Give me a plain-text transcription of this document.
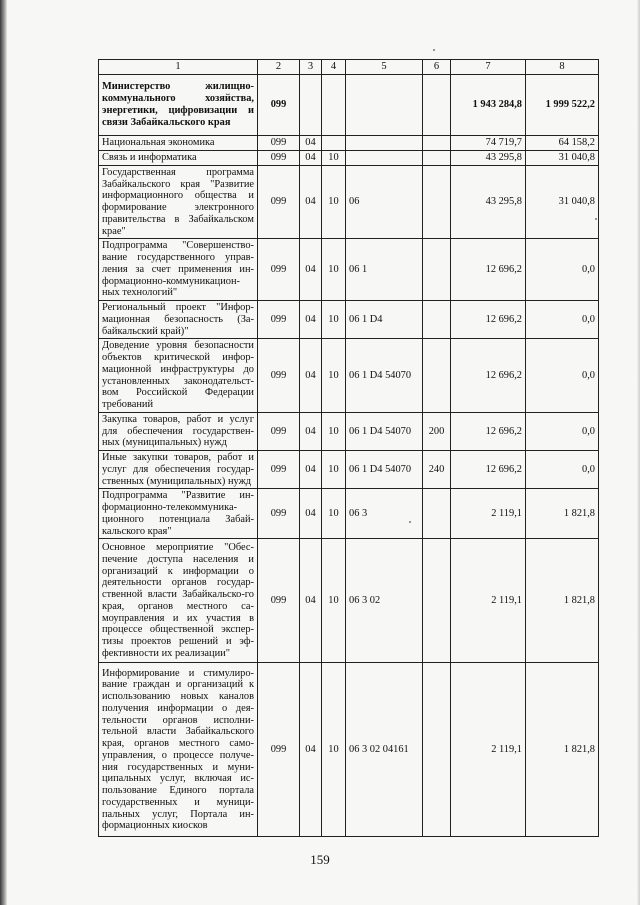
1	2	3	4	5	6	7	8
Министерство жилищно-коммунального хозяйства, энергетики, цифровизации и связи Забайкальского края	099					1 943 284,8	1 999 522,2
Национальная экономика	099	04				74 719,7	64 158,2
Связь и информатика	099	04	10			43 295,8	31 040,8
Государственная программа Забайкальского края "Развитие информационного общества и формирование электронного правительства в Забайкальском крае"	099	04	10	06		43 295,8	31 040,8
Подпрограмма "Совершенство-вание государственного управ-ления за счет применения ин-формационно-коммуникацион-ных технологий"	099	04	10	06 1		12 696,2	0,0
Региональный проект "Инфор-мационная безопасность (За-байкальский край)"	099	04	10	06 1 D4		12 696,2	0,0
Доведение уровня безопасности объектов критической инфор-мационной инфраструктуры до установленных законодательст-вом Российской Федерации требований	099	04	10	06 1 D4 54070		12 696,2	0,0
Закупка товаров, работ и услуг для обеспечения государствен-ных (муниципальных) нужд	099	04	10	06 1 D4 54070	200	12 696,2	0,0
Иные закупки товаров, работ и услуг для обеспечения государ-ственных (муниципальных) нужд	099	04	10	06 1 D4 54070	240	12 696,2	0,0
Подпрограмма "Развитие ин-формационно-телекоммуника-ционного потенциала Забай-кальского края"	099	04	10	06 3		2 119,1	1 821,8
Основное мероприятие "Обес-печение доступа населения и организаций к информации о деятельности органов государ-ственной власти Забайкальско-го края, органов местного са-моуправления и их участия в процессе общественной экспер-тизы проектов решений и эф-фективности их реализации"	099	04	10	06 3 02		2 119,1	1 821,8
Информирование и стимулиро-вание граждан и организаций к использованию новых каналов получения информации о дея-тельности органов исполни-тельной власти Забайкальского края, органов местного само-управления, о процессе получе-ния государственных и муни-ципальных услуг, включая ис-пользование Единого портала государственных и муници-пальных услуг, Портала ин-формационных киосков	099	04	10	06 3 02 04161		2 119,1	1 821,8
159
